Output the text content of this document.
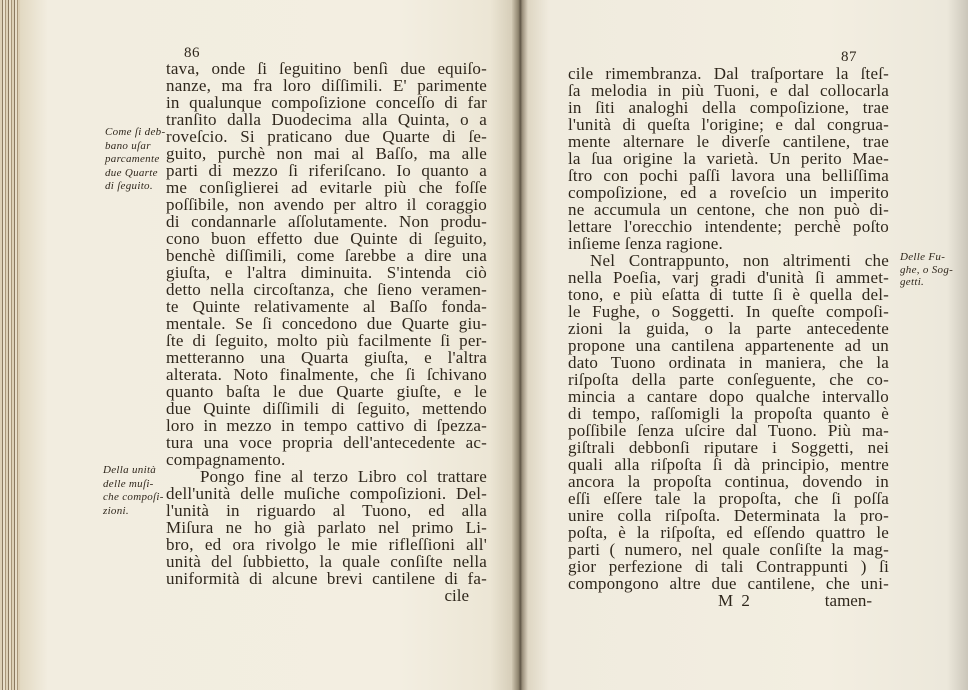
86	87
tava, onde ſi ſeguitino benſì due equiſo-
nanze, ma fra loro diſſimili. E' parimente
in qualunque compoſizione conceſſo di far
tranſito dalla Duodecima alla Quinta, o a
roveſcio. Si praticano due Quarte di ſe-
guito, purchè non mai al Baſſo, ma alle
parti di mezzo ſi riferiſcano. Io quanto a
me conſiglierei ad evitarle più che foſſe
poſſibile, non avendo per altro il coraggio
di condannarle aſſolutamente. Non produ-
cono buon effetto due Quinte di ſeguito,
benchè diſſimili, come ſarebbe a dire una
giuſta, e l'altra diminuita. S'intenda ciò
detto nella circoſtanza, che ſieno veramen-
te Quinte relativamente al Baſſo fonda-
mentale. Se ſi concedono due Quarte giu-
ſte di ſeguito, molto più facilmente ſi per-
metteranno una Quarta giuſta, e l'altra
alterata. Noto finalmente, che ſi ſchivano
quanto baſta le due Quarte giuſte, e le
due Quinte diſſimili di ſeguito, mettendo
loro in mezzo in tempo cattivo di ſpezza-
tura una voce propria dell'antecedente ac-
compagnamento.
Pongo fine al terzo Libro col trattare
dell'unità delle muſiche compoſizioni. Del-
l'unità in riguardo al Tuono, ed alla
Miſura ne ho già parlato nel primo Li-
bro, ed ora rivolgo le mie rifleſſioni all'
unità del ſubbietto, la quale conſiſte nella
uniformità di alcune brevi cantilene di fa-
cile
cile rimembranza. Dal traſportare la ſteſ-
ſa melodia in più Tuoni, e dal collocarla
in ſiti analoghi della compoſizione, trae
l'unità di queſta l'origine; e dal congrua-
mente alternare le diverſe cantilene, trae
la ſua origine la varietà. Un perito Mae-
ſtro con pochi paſſi lavora una belliſſima
compoſizione, ed a roveſcio un imperito
ne accumula un centone, che non può di-
lettare l'orecchio intendente; perchè poſto
inſieme ſenza ragione.
Nel Contrappunto, non altrimenti che
nella Poeſia, varj gradi d'unità ſi ammet-
tono, e più eſatta di tutte ſi è quella del-
le Fughe, o Soggetti. In queſte compoſi-
zioni la guida, o la parte antecedente
propone una cantilena appartenente ad un
dato Tuono ordinata in maniera, che la
riſpoſta della parte conſeguente, che co-
mincia a cantare dopo qualche intervallo
di tempo, raſſomigli la propoſta quanto è
poſſibile ſenza uſcire dal Tuono. Più ma-
giſtrali debbonſi riputare i Soggetti, nei
quali alla riſpoſta ſi dà principio, mentre
ancora la propoſta continua, dovendo in
eſſi eſſere tale la propoſta, che ſi poſſa
unire colla riſpoſta. Determinata la pro-
poſta, è la riſpoſta, ed eſſendo quattro le
parti ( numero, nel quale conſiſte la mag-
gior perfezione di tali Contrappunti ) ſi
compongono altre due cantilene, che uni-
M 2	tamen-
Come ſi deb-
bano uſar
parcamente
due Quarte
di ſeguito.
Della unità
delle muſi-
che compoſi-
zioni.
Delle Fu-
ghe, o Sog-
getti.
